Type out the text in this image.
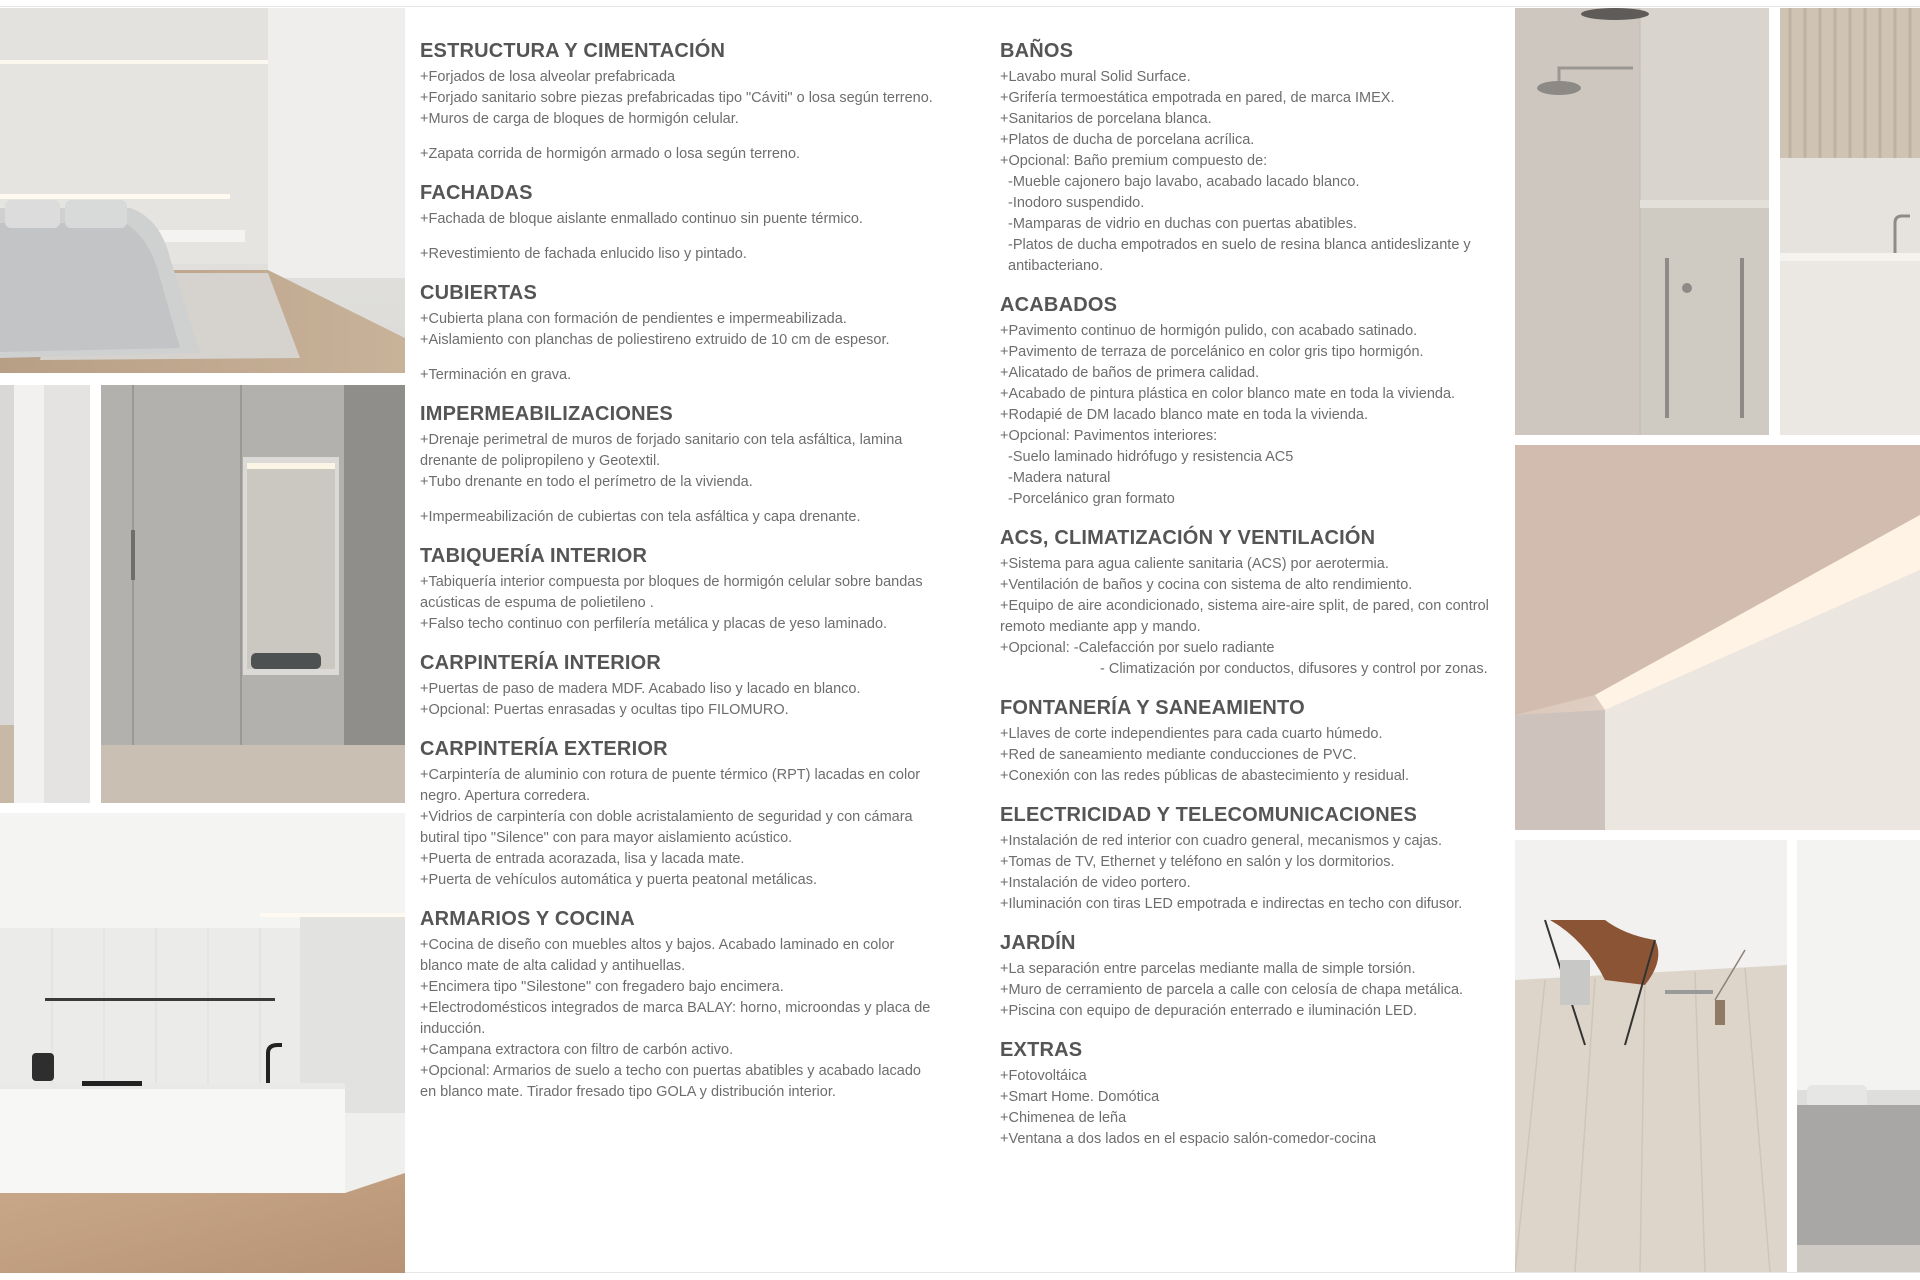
ESTRUCTURA Y CIMENTACIÓN
+Forjados de losa alveolar prefabricada
+Forjado sanitario sobre piezas prefabricadas tipo "Cáviti" o losa según terreno.
+Muros de carga de bloques de hormigón celular.
+Zapata corrida de hormigón armado o losa según terreno.
FACHADAS
+Fachada de bloque aislante enmallado continuo sin puente térmico.
+Revestimiento de fachada enlucido liso y pintado.
CUBIERTAS
+Cubierta plana con formación de pendientes e impermeabilizada.
+Aislamiento con planchas de poliestireno extruido de 10 cm de espesor.
+Terminación en grava.
IMPERMEABILIZACIONES
+Drenaje perimetral de muros de forjado sanitario con tela asfáltica, lamina drenante de polipropileno y Geotextil.
+Tubo drenante en todo el perímetro de la vivienda.
+Impermeabilización de cubiertas con tela asfáltica y capa drenante.
TABIQUERÍA INTERIOR
+Tabiquería interior compuesta por bloques de hormigón celular sobre bandas acústicas de espuma de polietileno .
+Falso techo continuo con perfilería metálica y placas de yeso laminado.
CARPINTERÍA INTERIOR
+Puertas de paso de madera MDF. Acabado liso y lacado en blanco.
+Opcional: Puertas enrasadas y ocultas tipo FILOMURO.
CARPINTERÍA EXTERIOR
+Carpintería de aluminio con rotura de puente térmico (RPT) lacadas en color negro. Apertura corredera.
+Vidrios de carpintería con doble acristalamiento de seguridad y con cámara butiral tipo "Silence" con para mayor aislamiento acústico.
+Puerta de entrada acorazada, lisa y lacada mate.
+Puerta de vehículos automática y puerta peatonal metálicas.
ARMARIOS Y COCINA
+Cocina de diseño con muebles altos y bajos. Acabado laminado en color blanco mate de alta calidad y antihuellas.
+Encimera tipo "Silestone" con fregadero bajo encimera.
+Electrodomésticos integrados de marca BALAY: horno, microondas y placa de inducción.
+Campana extractora con filtro de carbón activo.
+Opcional: Armarios de suelo a techo con puertas abatibles y acabado lacado en blanco mate. Tirador fresado tipo GOLA y distribución interior.
BAÑOS
+Lavabo mural Solid Surface.
+Grifería termoestática empotrada en pared, de marca IMEX.
+Sanitarios de porcelana blanca.
+Platos de ducha de porcelana acrílica.
+Opcional: Baño premium compuesto de:
-Mueble cajonero bajo lavabo, acabado lacado blanco.
-Inodoro suspendido.
-Mamparas de vidrio en duchas con puertas abatibles.
-Platos de ducha empotrados en suelo de resina blanca antideslizante y antibacteriano.
ACABADOS
+Pavimento continuo de hormigón pulido, con acabado satinado.
+Pavimento de terraza de porcelánico en color gris tipo hormigón.
+Alicatado de baños de primera calidad.
+Acabado de pintura plástica en color blanco mate en toda la vivienda.
+Rodapié de DM lacado blanco mate en toda la vivienda.
+Opcional: Pavimentos interiores:
-Suelo laminado hidrófugo y resistencia AC5
-Madera natural
-Porcelánico gran formato
ACS, CLIMATIZACIÓN Y VENTILACIÓN
+Sistema para agua caliente sanitaria (ACS) por aerotermia.
+Ventilación de baños y cocina con sistema de alto rendimiento.
+Equipo de aire acondicionado, sistema aire-aire split, de pared, con control remoto mediante app y mando.
+Opcional: -Calefacción por suelo radiante
- Climatización por conductos, difusores y control por zonas.
FONTANERÍA Y SANEAMIENTO
+Llaves de corte independientes para cada cuarto húmedo.
+Red de saneamiento mediante conducciones de PVC.
+Conexión con las redes públicas de abastecimiento y residual.
ELECTRICIDAD Y TELECOMUNICACIONES
+Instalación de red interior con cuadro general, mecanismos y cajas.
+Tomas de TV, Ethernet y teléfono en salón y los dormitorios.
+Instalación de video portero.
+Iluminación con tiras LED empotrada e indirectas en techo con difusor.
JARDÍN
+La separación entre parcelas mediante malla de simple torsión.
+Muro de cerramiento de parcela a calle con celosía de chapa metálica.
+Piscina con equipo de depuración enterrado e iluminación LED.
EXTRAS
+Fotovoltáica
+Smart Home. Domótica
+Chimenea de leña
+Ventana a dos lados en el espacio salón-comedor-cocina
